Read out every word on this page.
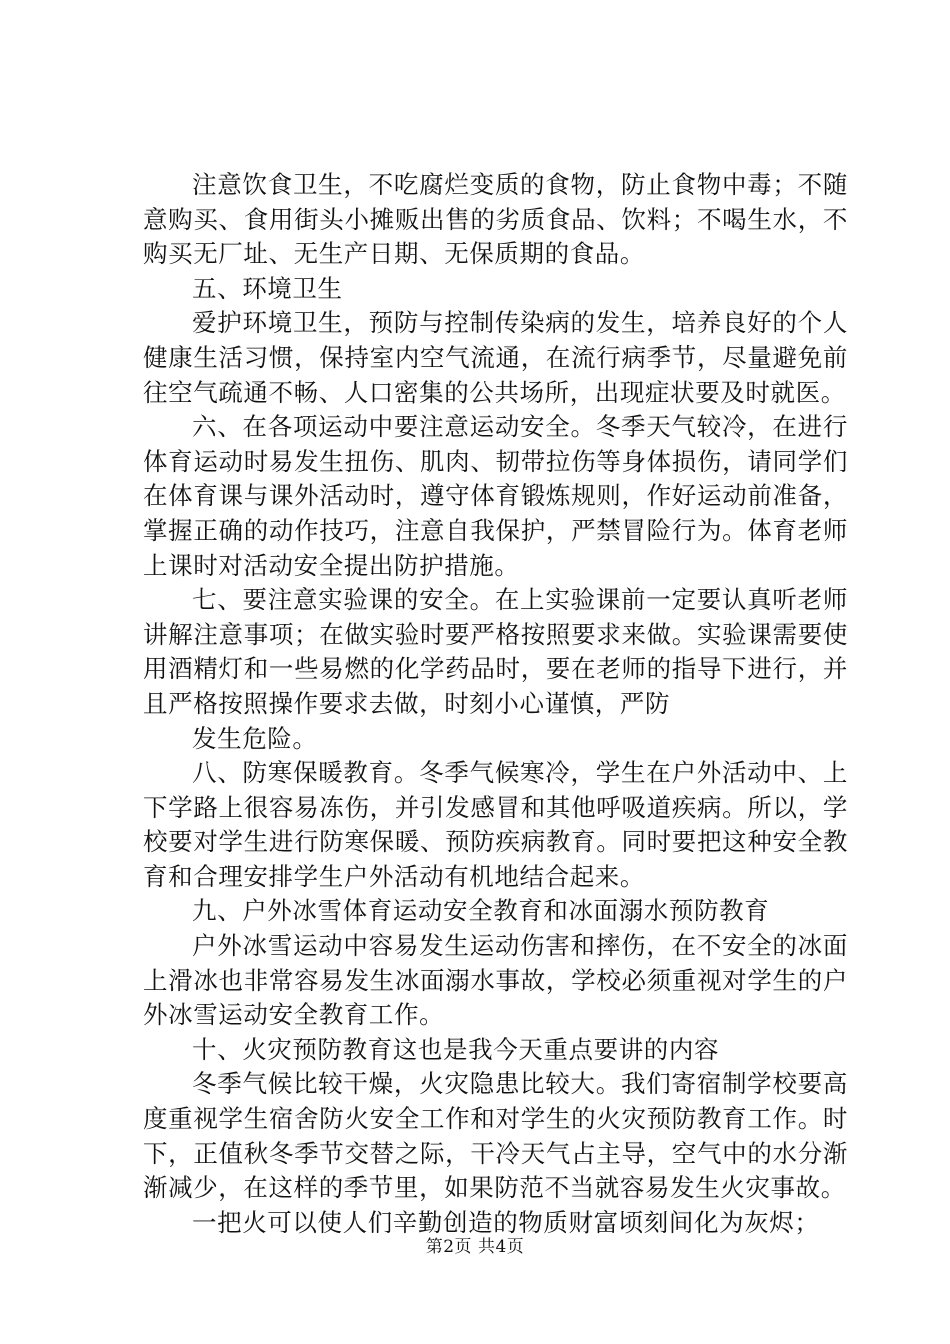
注意饮食卫生，不吃腐烂变质的食物，防止食物中毒；不随意购买、食用街头小摊贩出售的劣质食品、饮料；不喝生水，不购买无厂址、无生产日期、无保质期的食品。

五、环境卫生

爱护环境卫生，预防与控制传染病的发生，培养良好的个人健康生活习惯，保持室内空气流通，在流行病季节，尽量避免前往空气疏通不畅、人口密集的公共场所，出现症状要及时就医。

六、在各项运动中要注意运动安全。冬季天气较冷，在进行体育运动时易发生扭伤、肌肉、韧带拉伤等身体损伤，请同学们在体育课与课外活动时，遵守体育锻炼规则，作好运动前准备，掌握正确的动作技巧，注意自我保护，严禁冒险行为。体育老师上课时对活动安全提出防护措施。

七、要注意实验课的安全。在上实验课前一定要认真听老师讲解注意事项；在做实验时要严格按照要求来做。实验课需要使用酒精灯和一些易燃的化学药品时，要在老师的指导下进行，并且严格按照操作要求去做，时刻小心谨慎，严防

发生危险。

八、防寒保暖教育。冬季气候寒冷，学生在户外活动中、上下学路上很容易冻伤，并引发感冒和其他呼吸道疾病。所以，学校要对学生进行防寒保暖、预防疾病教育。同时要把这种安全教育和合理安排学生户外活动有机地结合起来。

九、户外冰雪体育运动安全教育和冰面溺水预防教育

户外冰雪运动中容易发生运动伤害和摔伤，在不安全的冰面上滑冰也非常容易发生冰面溺水事故，学校必须重视对学生的户外冰雪运动安全教育工作。

十、火灾预防教育这也是我今天重点要讲的内容

冬季气候比较干燥，火灾隐患比较大。我们寄宿制学校要高度重视学生宿舍防火安全工作和对学生的火灾预防教育工作。时下，正值秋冬季节交替之际，干冷天气占主导，空气中的水分渐渐减少，在这样的季节里，如果防范不当就容易发生火灾事故。

一把火可以使人们辛勤创造的物质财富顷刻间化为灰烬；

第2页 共4页
